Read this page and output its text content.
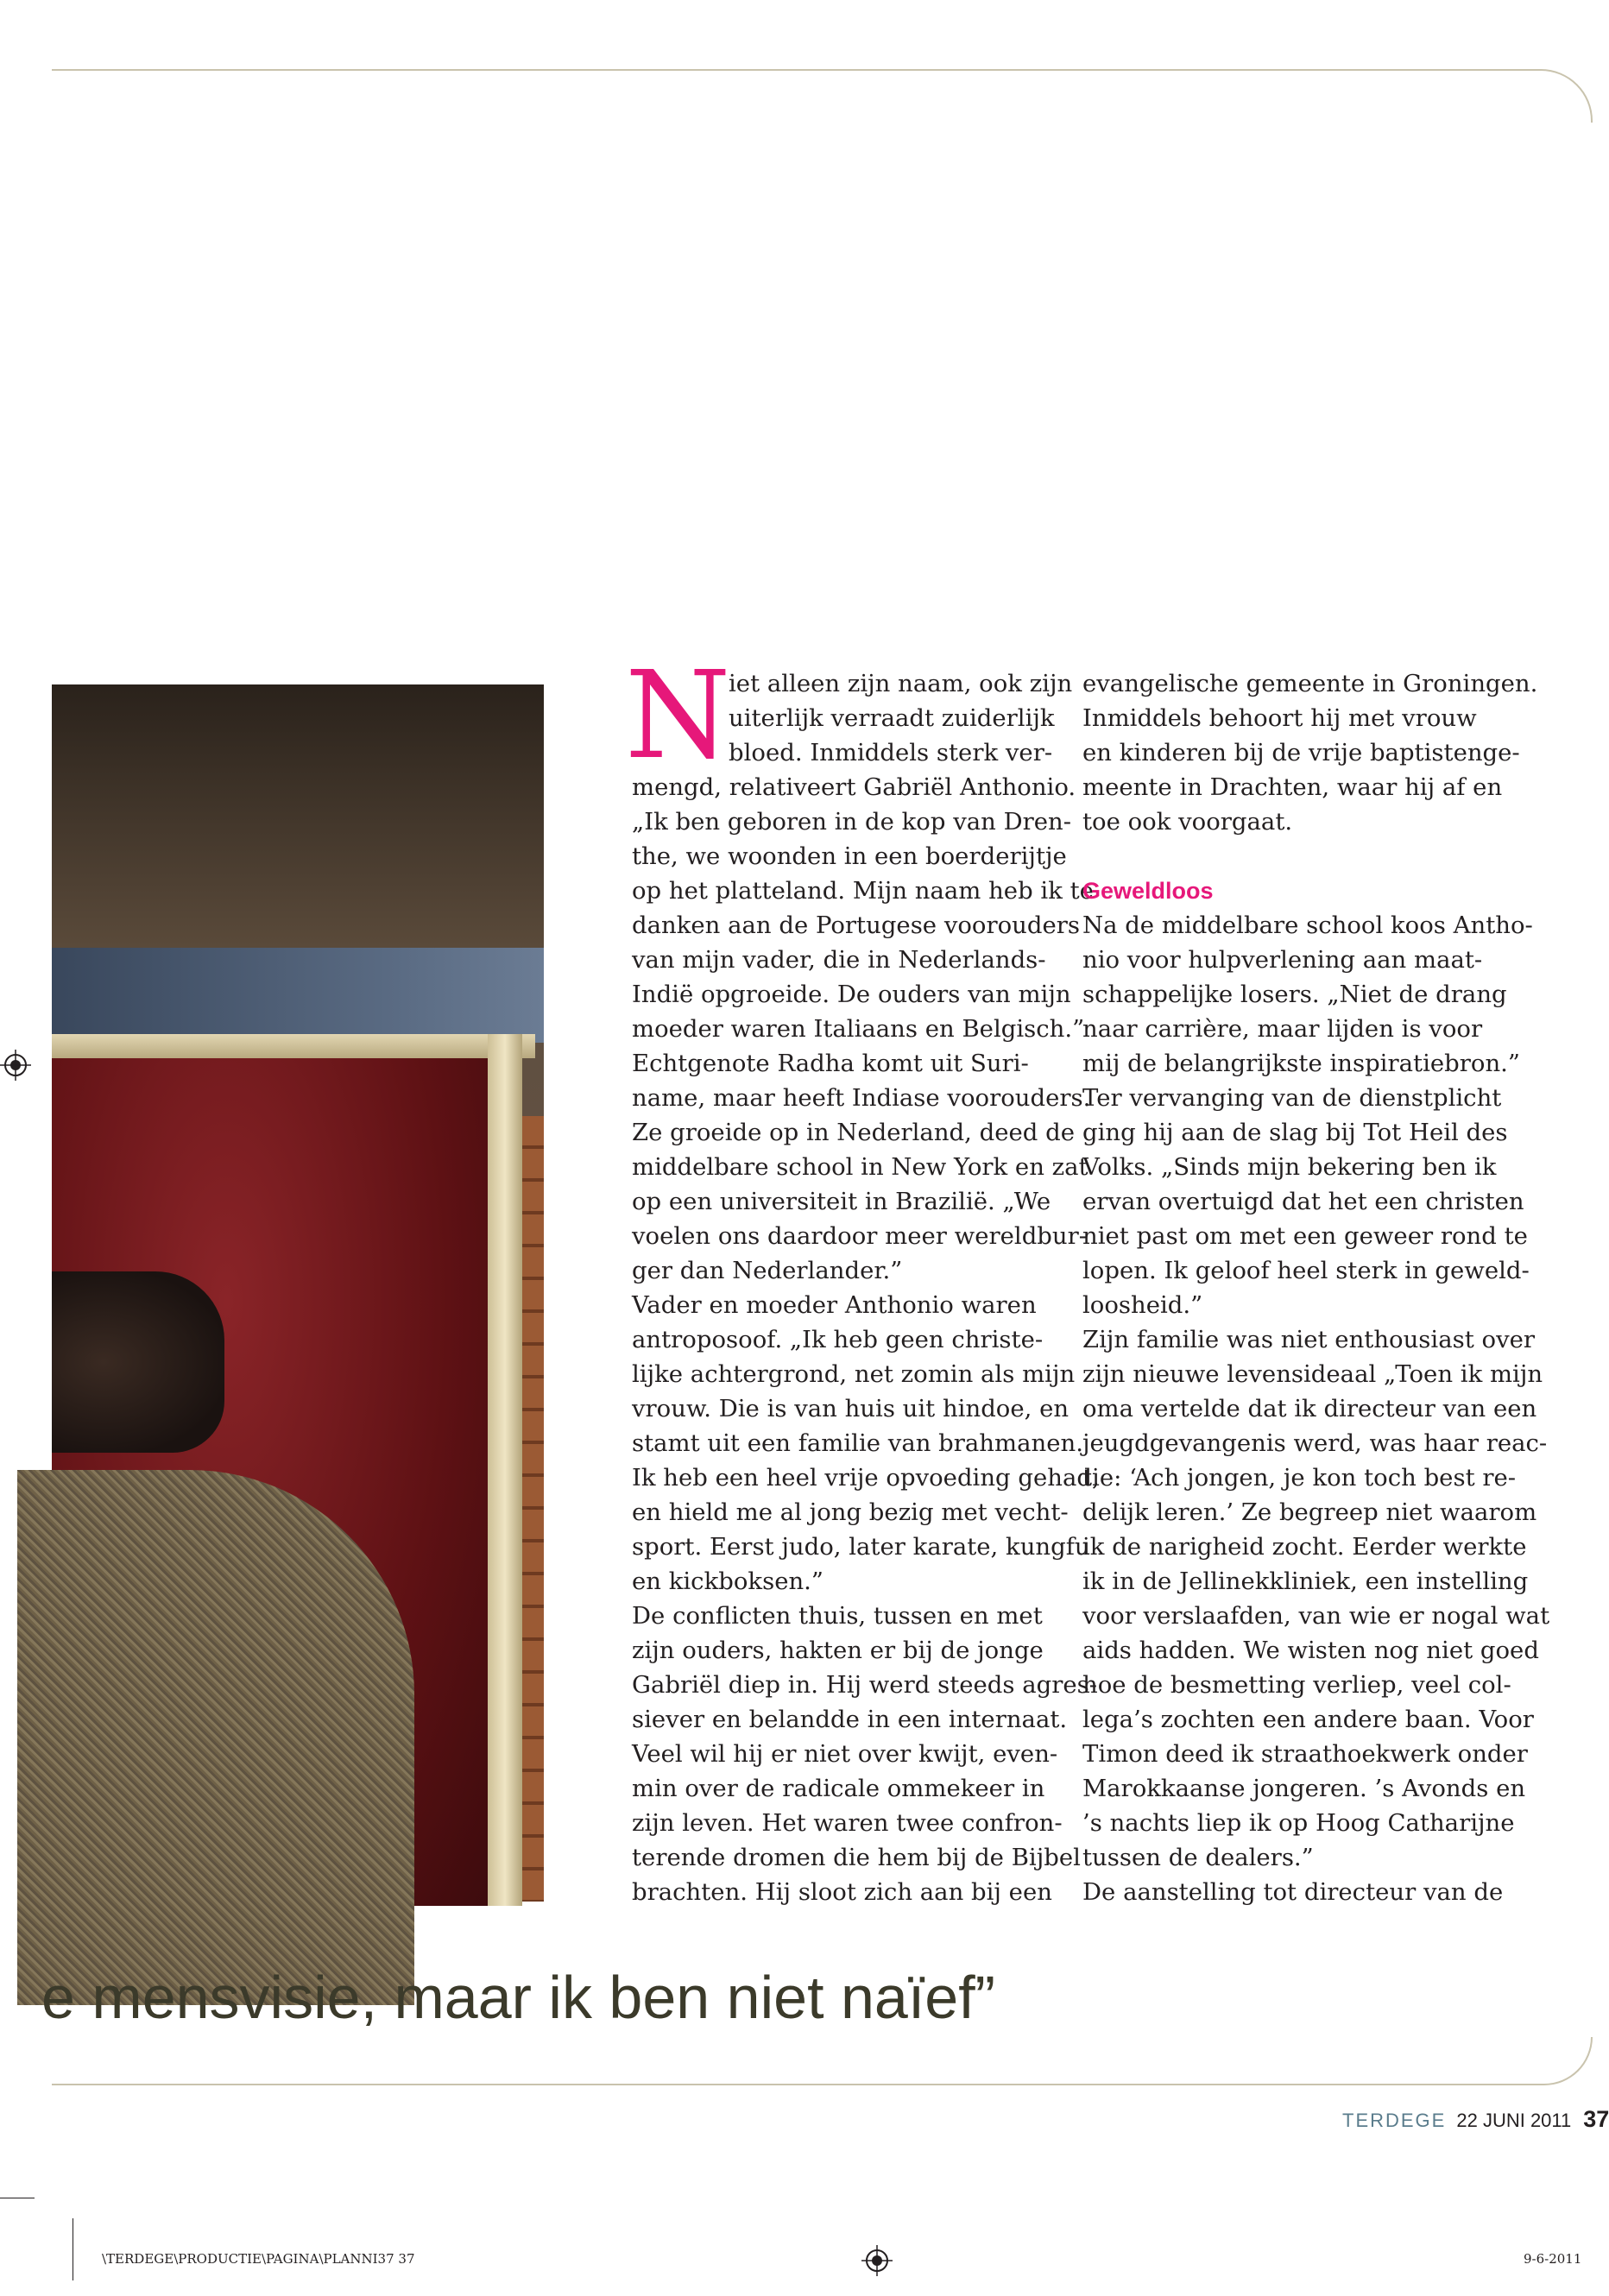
N
iet alleen zijn naam, ook zijn
uiterlijk verraadt zuiderlijk
bloed. Inmiddels sterk ver-
mengd, relativeert Gabriël Anthonio.
„Ik ben geboren in de kop van Dren-
the, we woonden in een boerderijtje
op het platteland. Mijn naam heb ik te
danken aan de Portugese voorouders
van mijn vader, die in Nederlands-
Indië opgroeide. De ouders van mijn
moeder waren Italiaans en Belgisch.”
Echtgenote Radha komt uit Suri-
name, maar heeft Indiase voorouders.
Ze groeide op in Nederland, deed de
middelbare school in New York en zat
op een universiteit in Brazilië. „We
voelen ons daardoor meer wereldbur-
ger dan Nederlander.”
Vader en moeder Anthonio waren
antroposoof. „Ik heb geen christe-
lijke achtergrond, net zomin als mijn
vrouw. Die is van huis uit hindoe, en
stamt uit een familie van brahmanen.
Ik heb een heel vrije opvoeding gehad,
en hield me al jong bezig met vecht-
sport. Eerst judo, later karate, kungfu
en kickboksen.”
De conflicten thuis, tussen en met
zijn ouders, hakten er bij de jonge
Gabriël diep in. Hij werd steeds agres-
siever en belandde in een internaat.
Veel wil hij er niet over kwijt, even-
min over de radicale ommekeer in
zijn leven. Het waren twee confron-
terende dromen die hem bij de Bijbel
brachten. Hij sloot zich aan bij een
evangelische gemeente in Groningen.
Inmiddels behoort hij met vrouw
en kinderen bij de vrije baptistenge-
meente in Drachten, waar hij af en
toe ook voorgaat.
Geweldloos
Na de middelbare school koos Antho-
nio voor hulpverlening aan maat-
schappelijke losers. „Niet de drang
naar carrière, maar lijden is voor
mij de belangrijkste inspiratiebron.”
Ter vervanging van de dienstplicht
ging hij aan de slag bij Tot Heil des
Volks. „Sinds mijn bekering ben ik
ervan overtuigd dat het een christen
niet past om met een geweer rond te
lopen. Ik geloof heel sterk in geweld-
loosheid.”
Zijn familie was niet enthousiast over
zijn nieuwe levensideaal „Toen ik mijn
oma vertelde dat ik directeur van een
jeugdgevangenis werd, was haar reac-
tie: ‘Ach jongen, je kon toch best re-
delijk leren.’ Ze begreep niet waarom
ik de narigheid zocht. Eerder werkte
ik in de Jellinekkliniek, een instelling
voor verslaafden, van wie er nogal wat
aids hadden. We wisten nog niet goed
hoe de besmetting verliep, veel col-
lega’s zochten een andere baan. Voor
Timon deed ik straathoekwerk onder
Marokkaanse jongeren. ’s Avonds en
’s nachts liep ik op Hoog Catharijne
tussen de dealers.”
De aanstelling tot directeur van de
e mensvisie, maar ik ben niet naïef”
TERDEGE 22 JUNI 2011 37
\TERDEGE\PRODUCTIE\PAGINA\PLANNI37 37	9-6-2011
